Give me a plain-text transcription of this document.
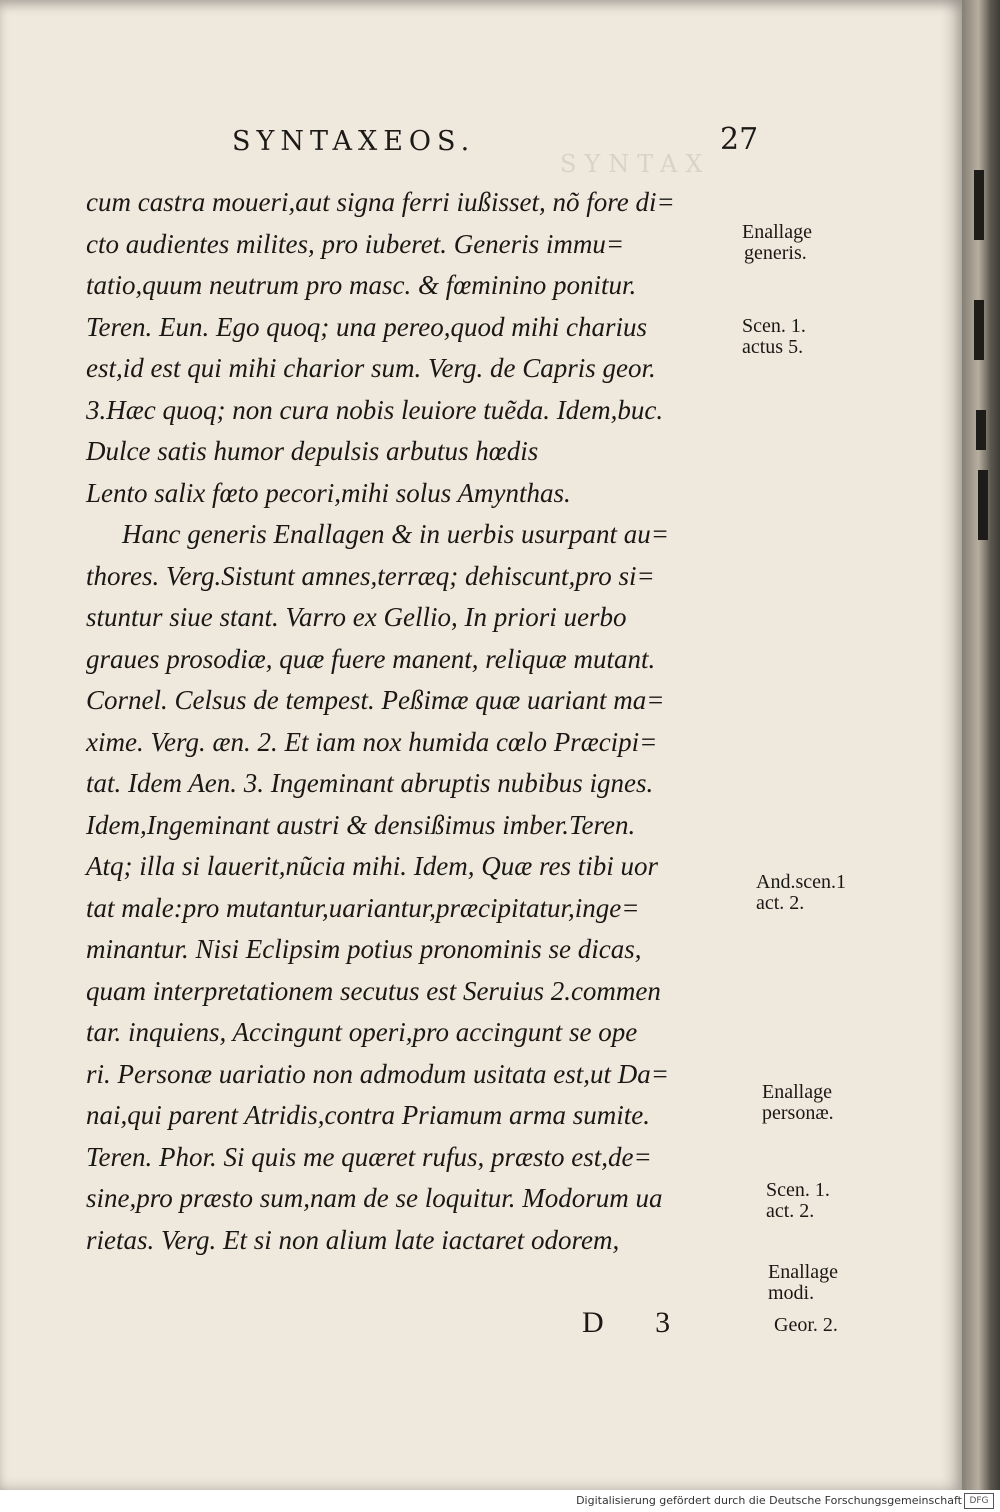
SYNTAX
SYNTAXEOS.	27
cum castra moueri,aut signa ferri iußisset, nõ fore di=
cto audientes milites, pro iuberet. Generis immu=
tatio,quum neutrum pro masc. & fœminino ponitur.
Teren. Eun. Ego quoq; una pereo,quod mihi charius
est,id est qui mihi charior sum. Verg. de Capris geor.
3.Hæc quoq; non cura nobis leuiore tuẽda. Idem,buc.
Dulce satis humor depulsis arbutus hœdis
Lento salix fœto pecori,mihi solus Amynthas.
Hanc generis Enallagen & in uerbis usurpant au=
thores. Verg.Sistunt amnes,terræq; dehiscunt,pro si=
stuntur siue stant. Varro ex Gellio, In priori uerbo
graues prosodiæ, quæ fuere manent, reliquæ mutant.
Cornel. Celsus de tempest. Peßimæ quæ uariant ma=
xime. Verg. æn. 2. Et iam nox humida cœlo Præcipi=
tat. Idem Aen. 3. Ingeminant abruptis nubibus ignes.
Idem,Ingeminant austri & densißimus imber.Teren.
Atq; illa si lauerit,nũcia mihi. Idem, Quæ res tibi uor
tat male:pro mutantur,uariantur,præcipitatur,inge=
minantur. Nisi Eclipsim potius pronominis se dicas,
quam interpretationem secutus est Seruius 2.commen
tar. inquiens, Accingunt operi,pro accingunt se ope
ri. Personæ uariatio non admodum usitata est,ut Da=
nai,qui parent Atridis,contra Priamum arma sumite.
Teren. Phor. Si quis me quæret rufus, præsto est,de=
sine,pro præsto sum,nam de se loquitur. Modorum ua
rietas. Verg. Et si non alium late iactaret odorem,
Enallage
generis.
Scen. 1.
actus 5.
And.scen.1
act. 2.
Enallage
personæ.
Scen. 1.
act. 2.
Enallage
modi.
D 3	Geor. 2.
Digitalisierung gefördert durch die Deutsche Forschungsgemeinschaft DFG
